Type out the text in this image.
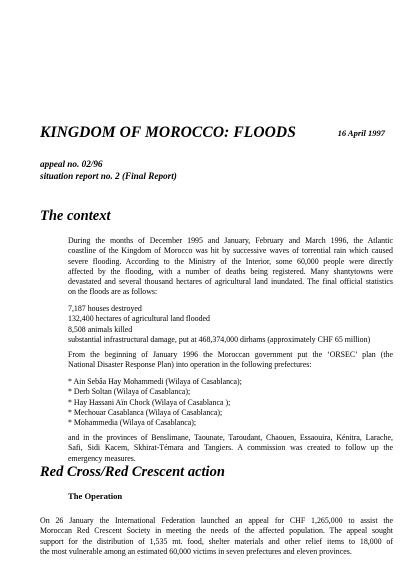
KINGDOM OF MOROCCO: FLOODS	16 April 1997
appeal no. 02/96
situation report no. 2 (Final Report)
The context
During the months of December 1995 and January, February and March 1996, the Atlantic
coastline of the Kingdom of Morocco was hit by successive waves of torrential rain which caused
severe flooding. According to the Ministry of the Interior, some 60,000 people were directly
affected by the flooding, with a number of deaths being registered. Many shantytowns were
devastated and several thousand hectares of agricultural land inundated. The final official statistics
on the floods are as follows:
7,187 houses destroyed
132,400 hectares of agricultural land flooded
8,508 animals killed
substantial infrastructural damage, put at 468,374,000 dirhams (approximately CHF 65 million)
From the beginning of January 1996 the Moroccan government put the ‘ORSEC’ plan (the
National Disaster Response Plan) into operation in the following prefectures:
* Ain Sebâa Hay Mohammedi (Wilaya of Casablanca);
* Derb Soltan (Wilaya of Casablanca);
* Hay Hassani Aïn Chock (Wilaya of Casablanca );
* Mechouar Casablanca (Wilaya of Casablanca);
* Mohammedia (Wilaya of Casablanca);
and in the provinces of Benslimane, Taounate, Taroudant, Chaouen, Essaouira, Kénitra, Larache,
Safi, Sidi Kacem, Skhirat-Témara and Tangiers. A commission was created to follow up the
emergency measures.
Red Cross/Red Crescent action
The Operation
On 26 January the International Federation launched an appeal for CHF 1,265,000 to assist the
Moroccan Red Crescent Society in meeting the needs of the affected population. The appeal sought
support for the distribution of 1,535 mt. food, shelter materials and other relief items to 18,000 of
the most vulnerable among an estimated 60,000 victims in seven prefectures and eleven provinces.
